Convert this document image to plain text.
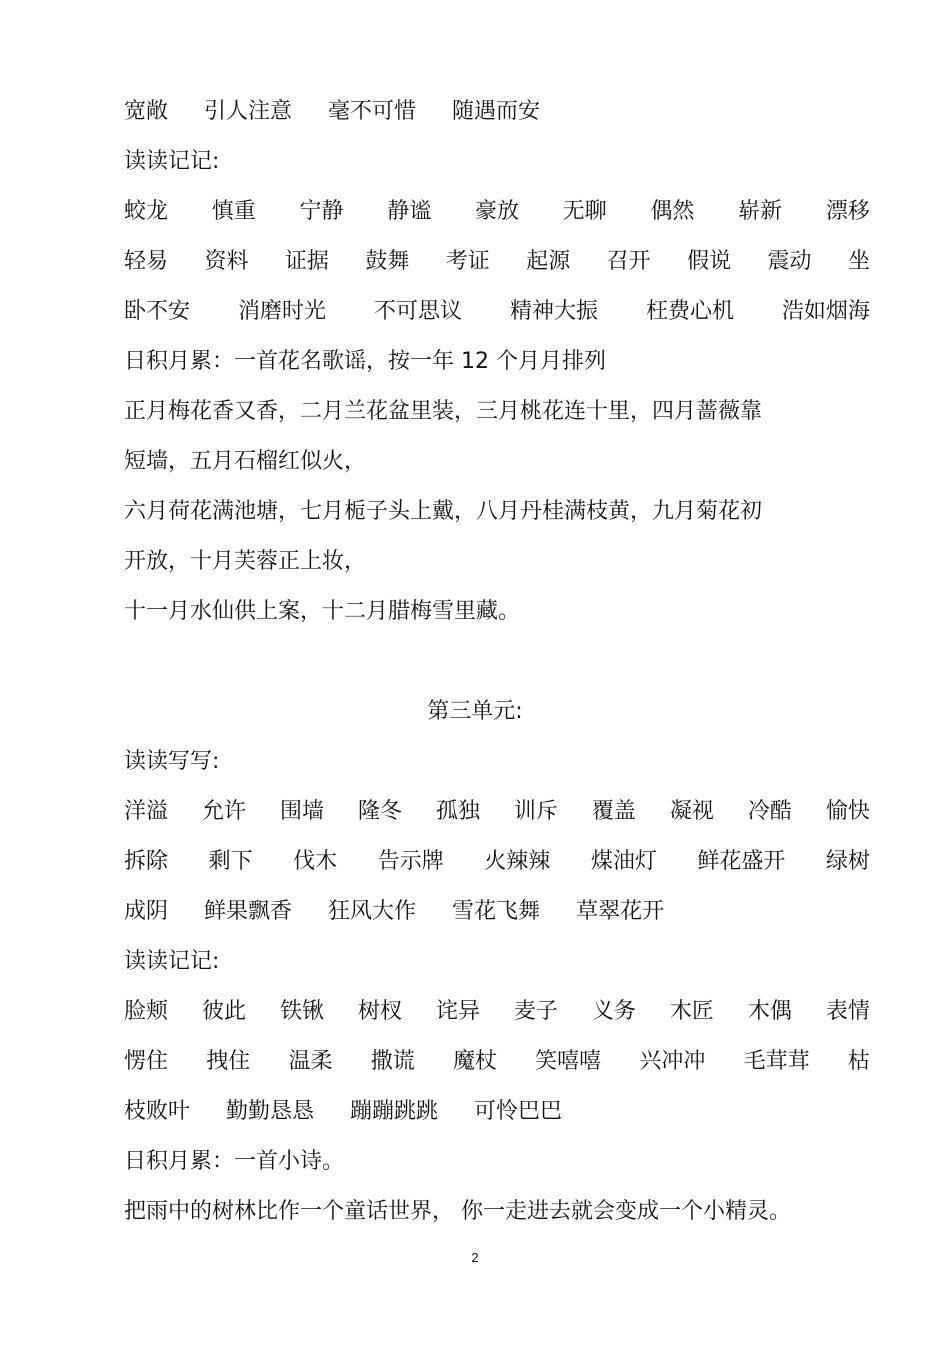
宽敞 引人注意 毫不可惜 随遇而安
读读记记:
蛟龙 慎重 宁静 静谧 豪放 无聊 偶然 崭新 漂移
轻易 资料 证据 鼓舞 考证 起源 召开 假说 震动 坐
卧不安 消磨时光 不可思议 精神大振 枉费心机 浩如烟海
日积月累：一首花名歌谣，按一年 12 个月月排列
正月梅花香又香，二月兰花盆里装，三月桃花连十里，四月蔷薇靠
短墙，五月石榴红似火，
六月荷花满池塘，七月栀子头上戴，八月丹桂满枝黄，九月菊花初
开放，十月芙蓉正上妆，
十一月水仙供上案，十二月腊梅雪里藏。
第三单元:
读读写写:
洋溢 允许 围墙 隆冬 孤独 训斥 覆盖 凝视 冷酷 愉快
拆除 剩下 伐木 告示牌 火辣辣 煤油灯 鲜花盛开 绿树
成阴 鲜果飘香 狂风大作 雪花飞舞 草翠花开
读读记记:
脸颊 彼此 铁锹 树杈 诧异 麦子 义务 木匠 木偶 表情
愣住 拽住 温柔 撒谎 魔杖 笑嘻嘻 兴冲冲 毛茸茸 枯
枝败叶 勤勤恳恳 蹦蹦跳跳 可怜巴巴
日积月累：一首小诗。
把雨中的树林比作一个童话世界， 你一走进去就会变成一个小精灵。
2
